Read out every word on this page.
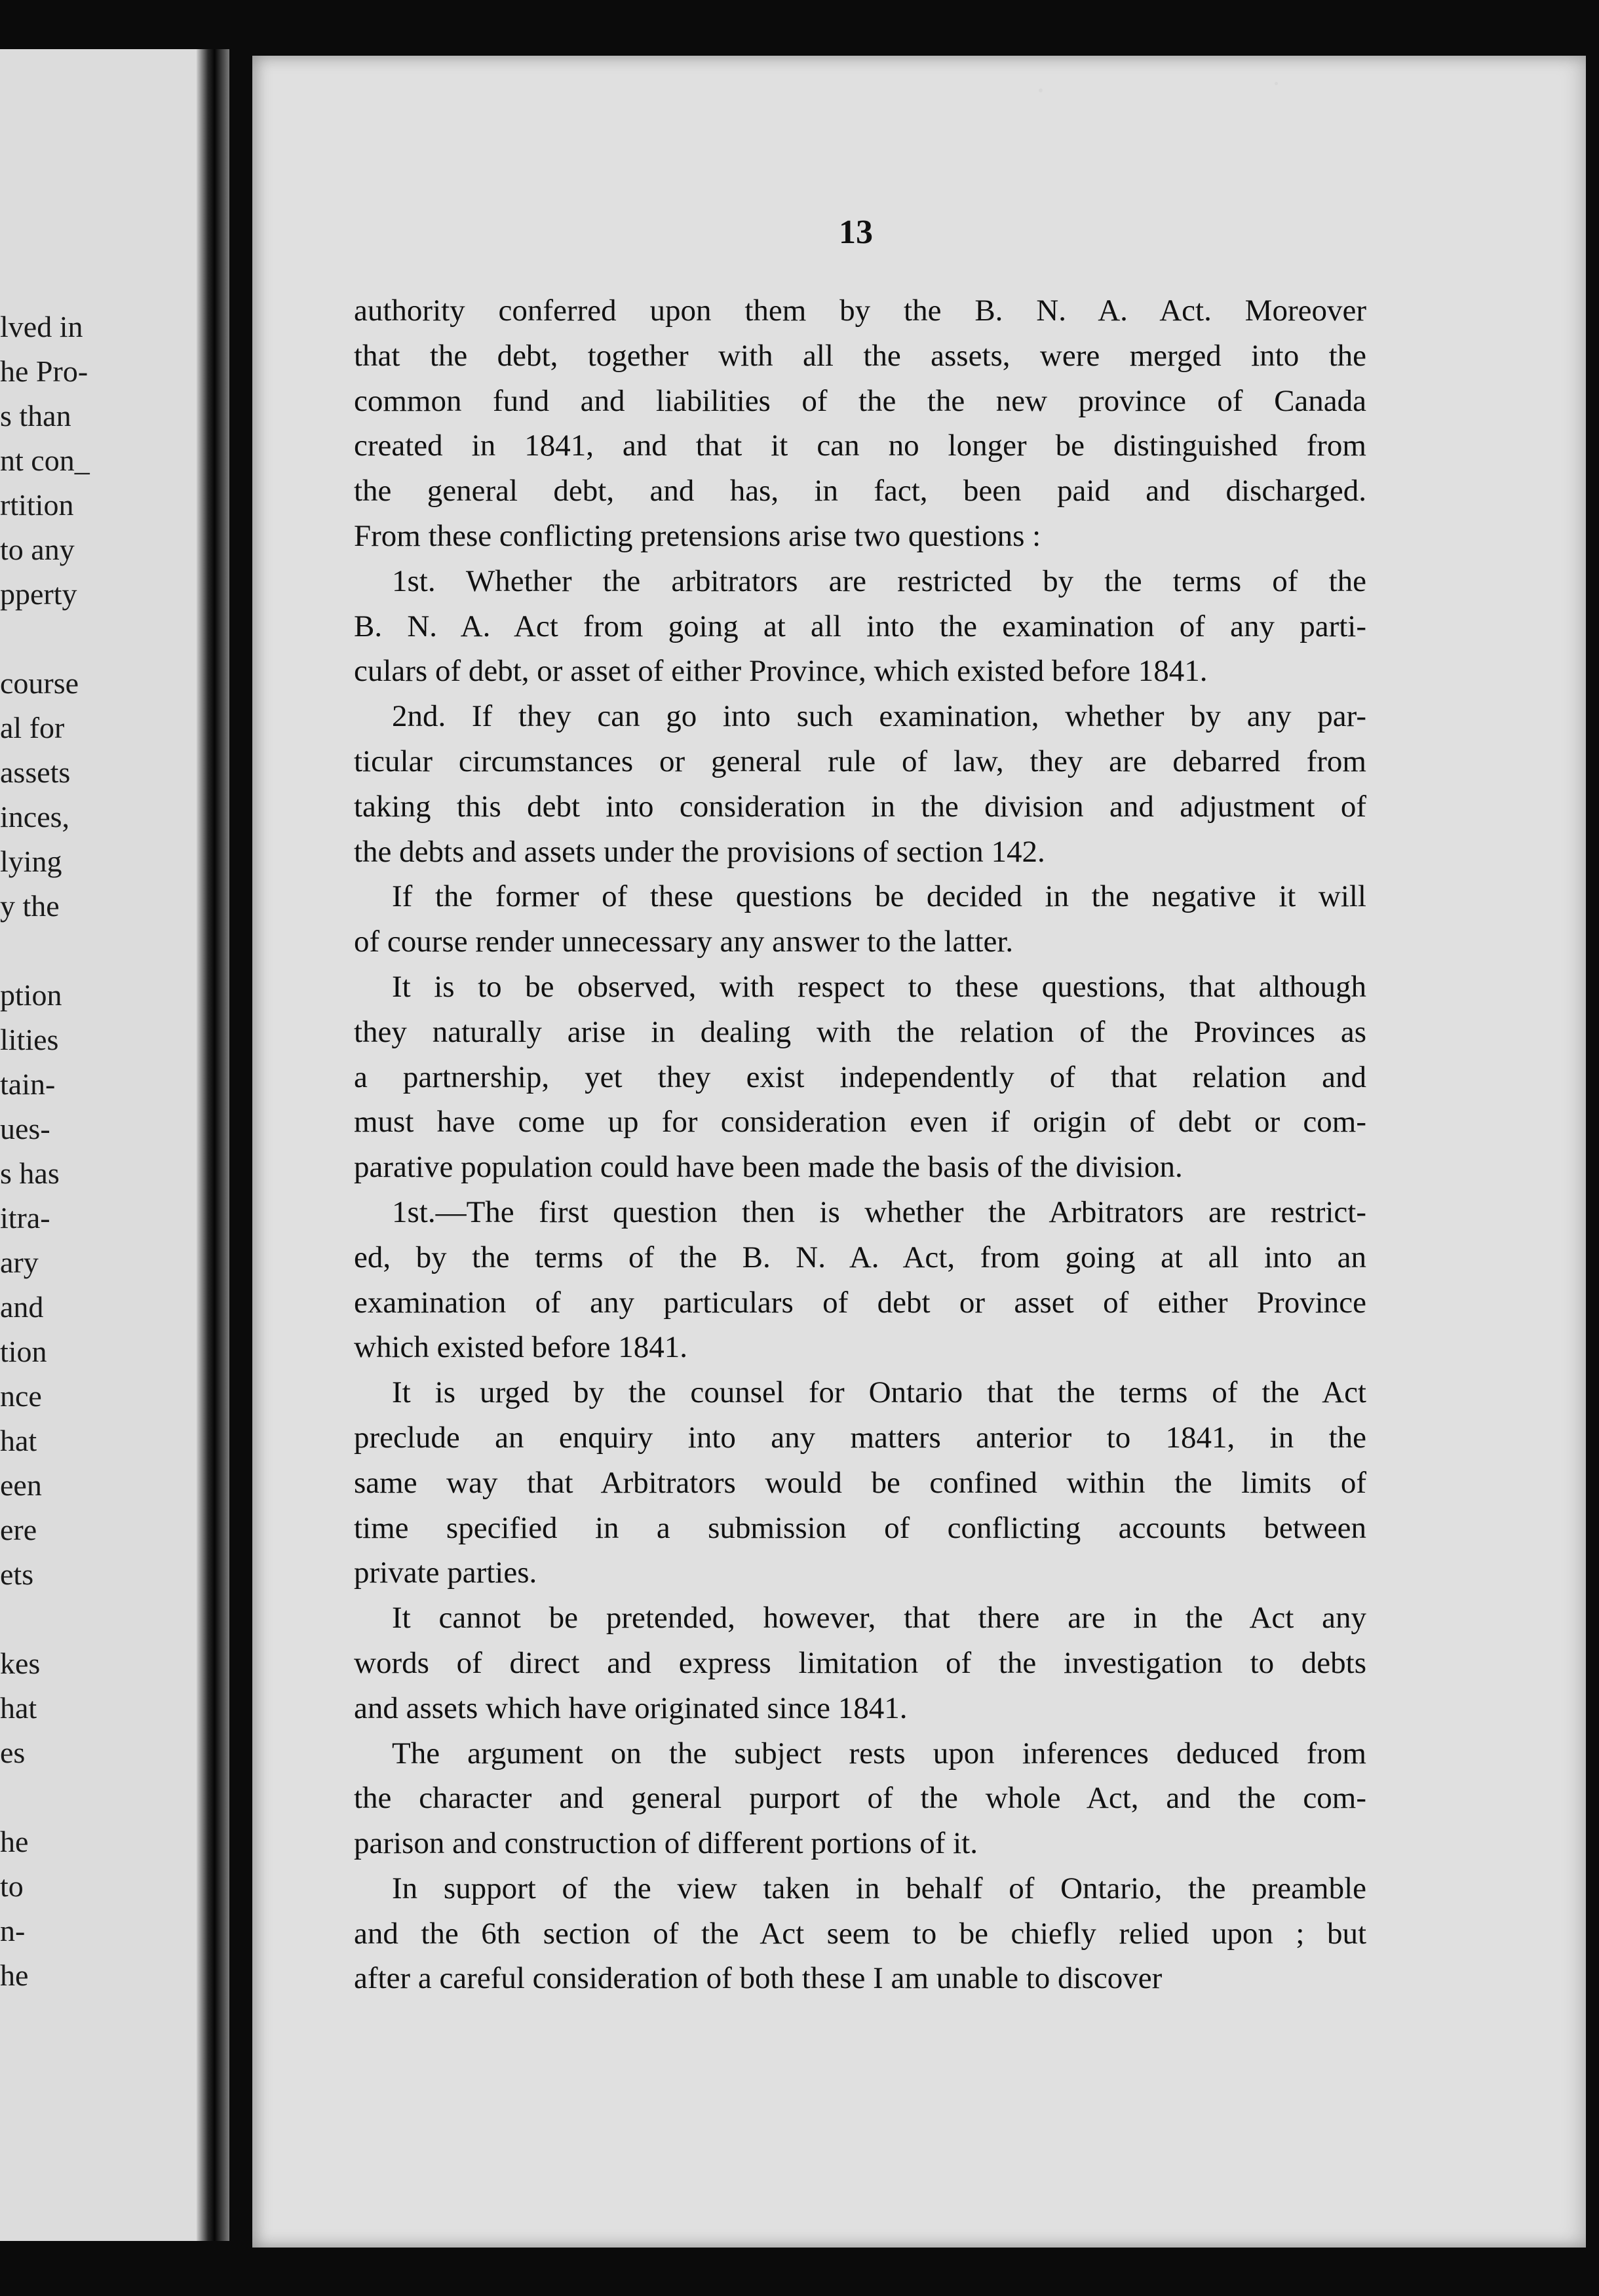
lved in
he Pro-
s than
nt con_
rtition
to any
pperty
course
al for
assets
inces,
lying
y the
ption
lities
tain-
ues-
s has
itra-
ary
and
tion
nce
hat
een
ere
ets
kes
hat
es
he
to
n-
he
13
authority conferred upon them by the B. N. A. Act. Moreover
that the debt, together with all the assets, were merged into the
common fund and liabilities of the the new province of Canada
created in 1841, and that it can no longer be distinguished from
the general debt, and has, in fact, been paid and discharged.
From these conflicting pretensions arise two questions :
1st. Whether the arbitrators are restricted by the terms of the
B. N. A. Act from going at all into the examination of any parti-
culars of debt, or asset of either Province, which existed before 1841.
2nd. If they can go into such examination, whether by any par-
ticular circumstances or general rule of law, they are debarred from
taking this debt into consideration in the division and adjustment of
the debts and assets under the provisions of section 142.
If the former of these questions be decided in the negative it will
of course render unnecessary any answer to the latter.
It is to be observed, with respect to these questions, that although
they naturally arise in dealing with the relation of the Provinces as
a partnership, yet they exist independently of that relation and
must have come up for consideration even if origin of debt or com-
parative population could have been made the basis of the division.
1st.—The first question then is whether the Arbitrators are restrict-
ed, by the terms of the B. N. A. Act, from going at all into an
examination of any particulars of debt or asset of either Province
which existed before 1841.
It is urged by the counsel for Ontario that the terms of the Act
preclude an enquiry into any matters anterior to 1841, in the
same way that Arbitrators would be confined within the limits of
time specified in a submission of conflicting accounts between
private parties.
It cannot be pretended, however, that there are in the Act any
words of direct and express limitation of the investigation to debts
and assets which have originated since 1841.
The argument on the subject rests upon inferences deduced from
the character and general purport of the whole Act, and the com-
parison and construction of different portions of it.
In support of the view taken in behalf of Ontario, the preamble
and the 6th section of the Act seem to be chiefly relied upon ; but
after a careful consideration of both these I am unable to discover
